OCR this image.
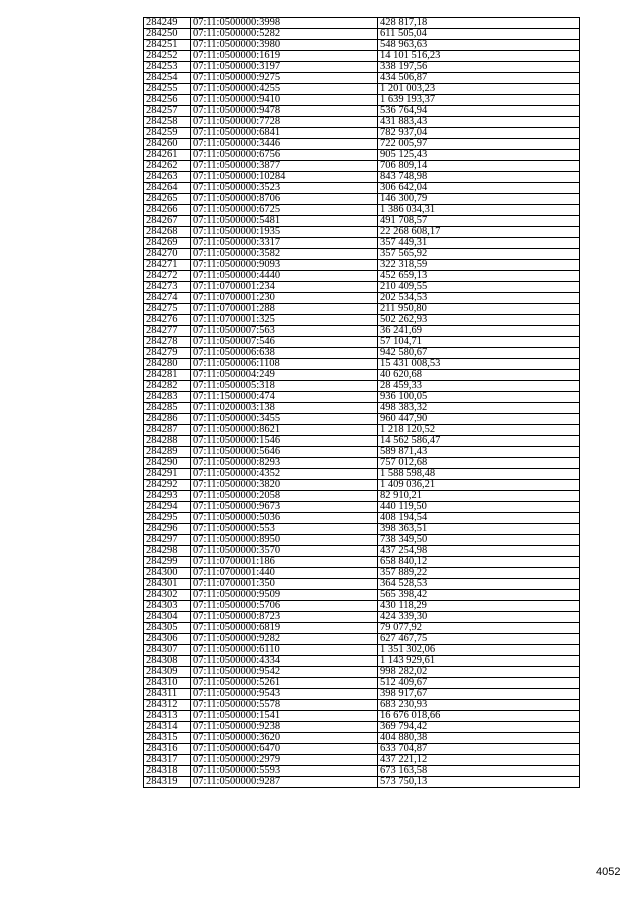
284249	07:11:0500000:3998	428 817,18
284250	07:11:0500000:5282	611 505,04
284251	07:11:0500000:3980	548 963,63
284252	07:11:0500000:1619	14 101 516,23
284253	07:11:0500000:3197	338 197,56
284254	07:11:0500000:9275	434 506,87
284255	07:11:0500000:4255	1 201 003,23
284256	07:11:0500000:9410	1 639 193,37
284257	07:11:0500000:9478	536 764,94
284258	07:11:0500000:7728	431 883,43
284259	07:11:0500000:6841	782 937,04
284260	07:11:0500000:3446	722 005,97
284261	07:11:0500000:6756	905 125,43
284262	07:11:0500000:3877	706 809,14
284263	07:11:0500000:10284	843 748,98
284264	07:11:0500000:3523	306 642,04
284265	07:11:0500000:8706	146 300,79
284266	07:11:0500000:6725	1 386 034,31
284267	07:11:0500000:5481	491 708,57
284268	07:11:0500000:1935	22 268 608,17
284269	07:11:0500000:3317	357 449,31
284270	07:11:0500000:3582	357 565,92
284271	07:11:0500000:9093	322 318,59
284272	07:11:0500000:4440	452 659,13
284273	07:11:0700001:234	210 409,55
284274	07:11:0700001:230	202 534,53
284275	07:11:0700001:288	211 950,80
284276	07:11:0700001:325	502 262,93
284277	07:11:0500007:563	36 241,69
284278	07:11:0500007:546	57 104,71
284279	07:11:0500006:638	942 580,67
284280	07:11:0500006:1108	15 431 008,53
284281	07:11:0500004:249	40 620,68
284282	07:11:0500005:318	28 459,33
284283	07:11:1500000:474	936 100,05
284285	07:11:0200003:138	498 383,32
284286	07:11:0500000:3455	960 447,90
284287	07:11:0500000:8621	1 218 120,52
284288	07:11:0500000:1546	14 562 586,47
284289	07:11:0500000:5646	589 871,43
284290	07:11:0500000:8293	757 012,68
284291	07:11:0500000:4352	1 588 598,48
284292	07:11:0500000:3820	1 409 036,21
284293	07:11:0500000:2058	82 910,21
284294	07:11:0500000:9673	440 119,50
284295	07:11:0500000:5036	408 194,54
284296	07:11:0500000:553	398 363,51
284297	07:11:0500000:8950	738 349,50
284298	07:11:0500000:3570	437 254,98
284299	07:11:0700001:186	658 840,12
284300	07:11:0700001:440	357 889,22
284301	07:11:0700001:350	364 528,53
284302	07:11:0500000:9509	565 398,42
284303	07:11:0500000:5706	430 118,29
284304	07:11:0500000:8723	424 339,30
284305	07:11:0500000:6819	79 077,92
284306	07:11:0500000:9282	627 467,75
284307	07:11:0500000:6110	1 351 302,06
284308	07:11:0500000:4334	1 143 929,61
284309	07:11:0500000:9542	998 282,02
284310	07:11:0500000:5261	512 409,67
284311	07:11:0500000:9543	398 917,67
284312	07:11:0500000:5578	683 230,93
284313	07:11:0500000:1541	16 676 018,66
284314	07:11:0500000:9238	369 794,42
284315	07:11:0500000:3620	404 880,38
284316	07:11:0500000:6470	633 704,87
284317	07:11:0500000:2979	437 221,12
284318	07:11:0500000:5593	673 163,58
284319	07:11:0500000:9287	573 750,13
4052
